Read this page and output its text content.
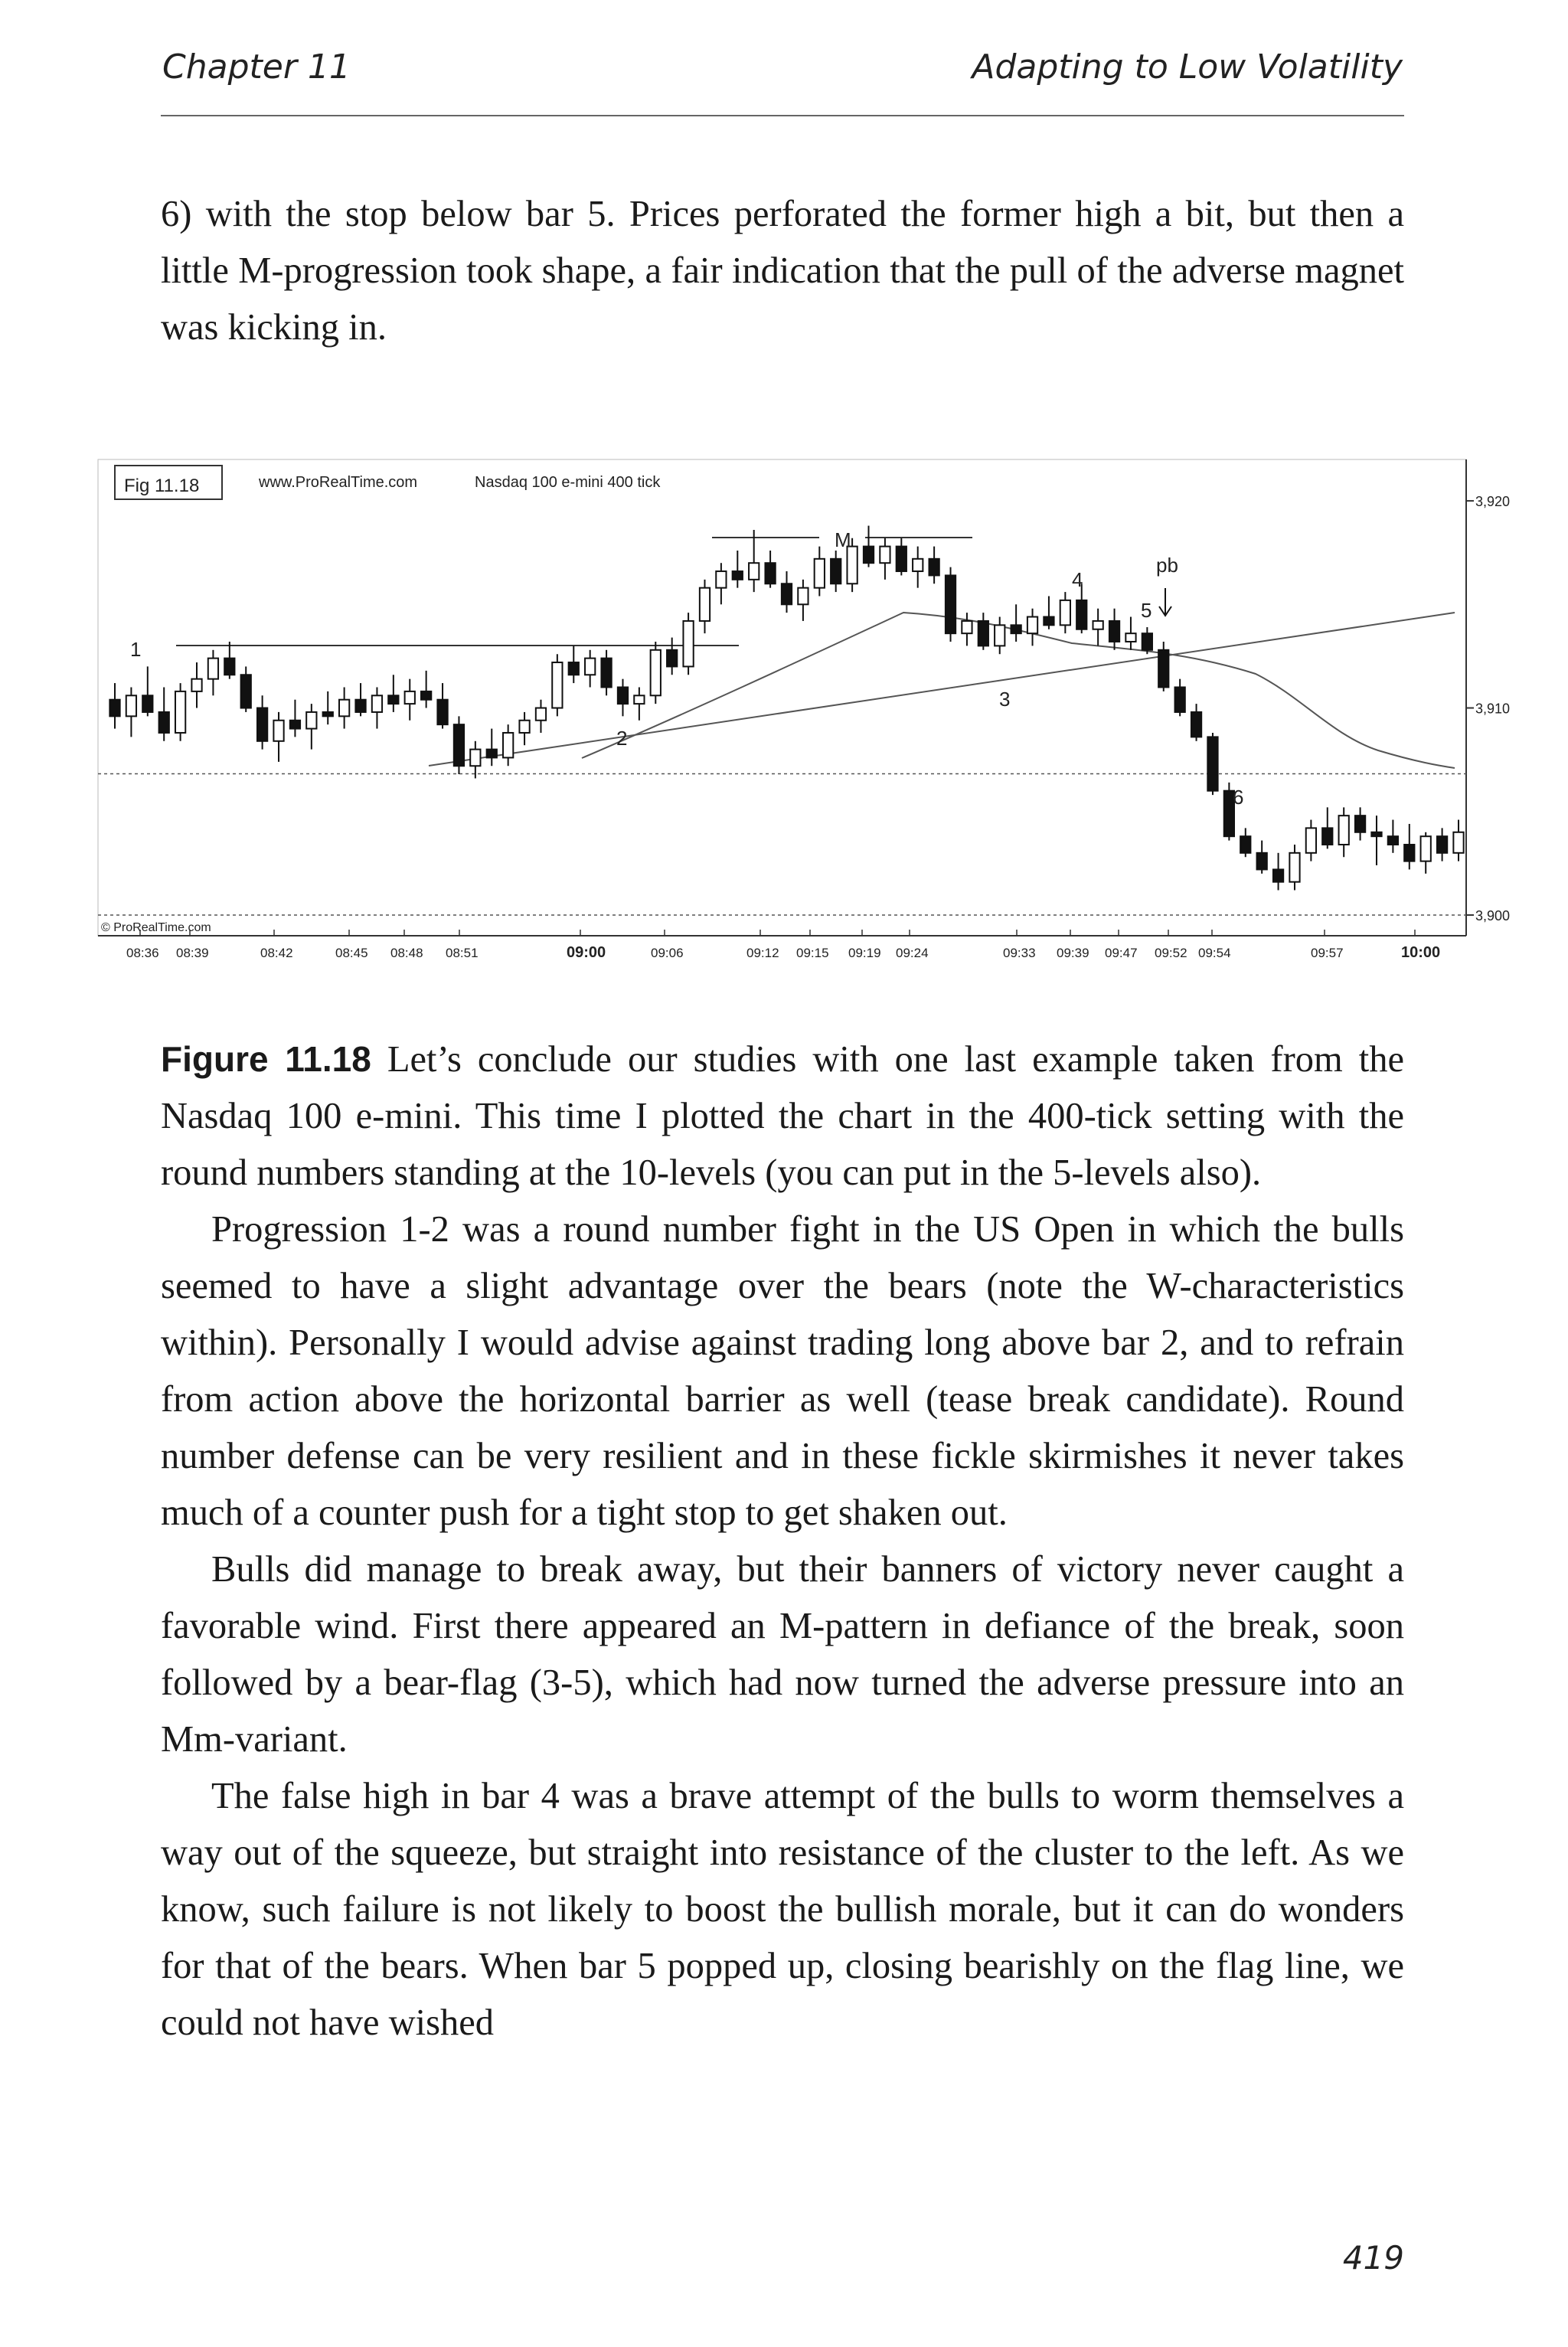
Chapter 11	Adapting to Low Volatility

6) with the stop below bar 5. Prices perforated the former high a bit, but then a little M-progression took shape, a fair indication that the pull of the adverse magnet was kicking in.

Fig 11.18	www.ProRealTime.com	Nasdaq 100 e-mini 400 tick
© ProRealTime.com
3,920
3,910
3,900
1
2
3
4
5
6
M
pb
08:36 08:39	08:42	08:45 08:48 08:51	09:00	09:06	09:12 09:15 09:19 09:24	09:33 09:39 09:47 09:52 09:54	09:57	10:00

Figure 11.18 Let’s conclude our studies with one last example taken from the Nasdaq 100 e-mini. This time I plotted the chart in the 400-tick setting with the round numbers standing at the 10-levels (you can put in the 5-levels also).

Progression 1-2 was a round number fight in the US Open in which the bulls seemed to have a slight advantage over the bears (note the W-characteristics within). Personally I would advise against trading long above bar 2, and to refrain from action above the horizontal barrier as well (tease break candidate). Round number defense can be very resilient and in these fickle skirmishes it never takes much of a counter push for a tight stop to get shaken out.

Bulls did manage to break away, but their banners of victory never caught a favorable wind. First there appeared an M-pattern in defiance of the break, soon followed by a bear-flag (3-5), which had now turned the adverse pressure into an Mm-variant.

The false high in bar 4 was a brave attempt of the bulls to worm themselves a way out of the squeeze, but straight into resistance of the cluster to the left. As we know, such failure is not likely to boost the bullish morale, but it can do wonders for that of the bears. When bar 5 popped up, closing bearishly on the flag line, we could not have wished

419
